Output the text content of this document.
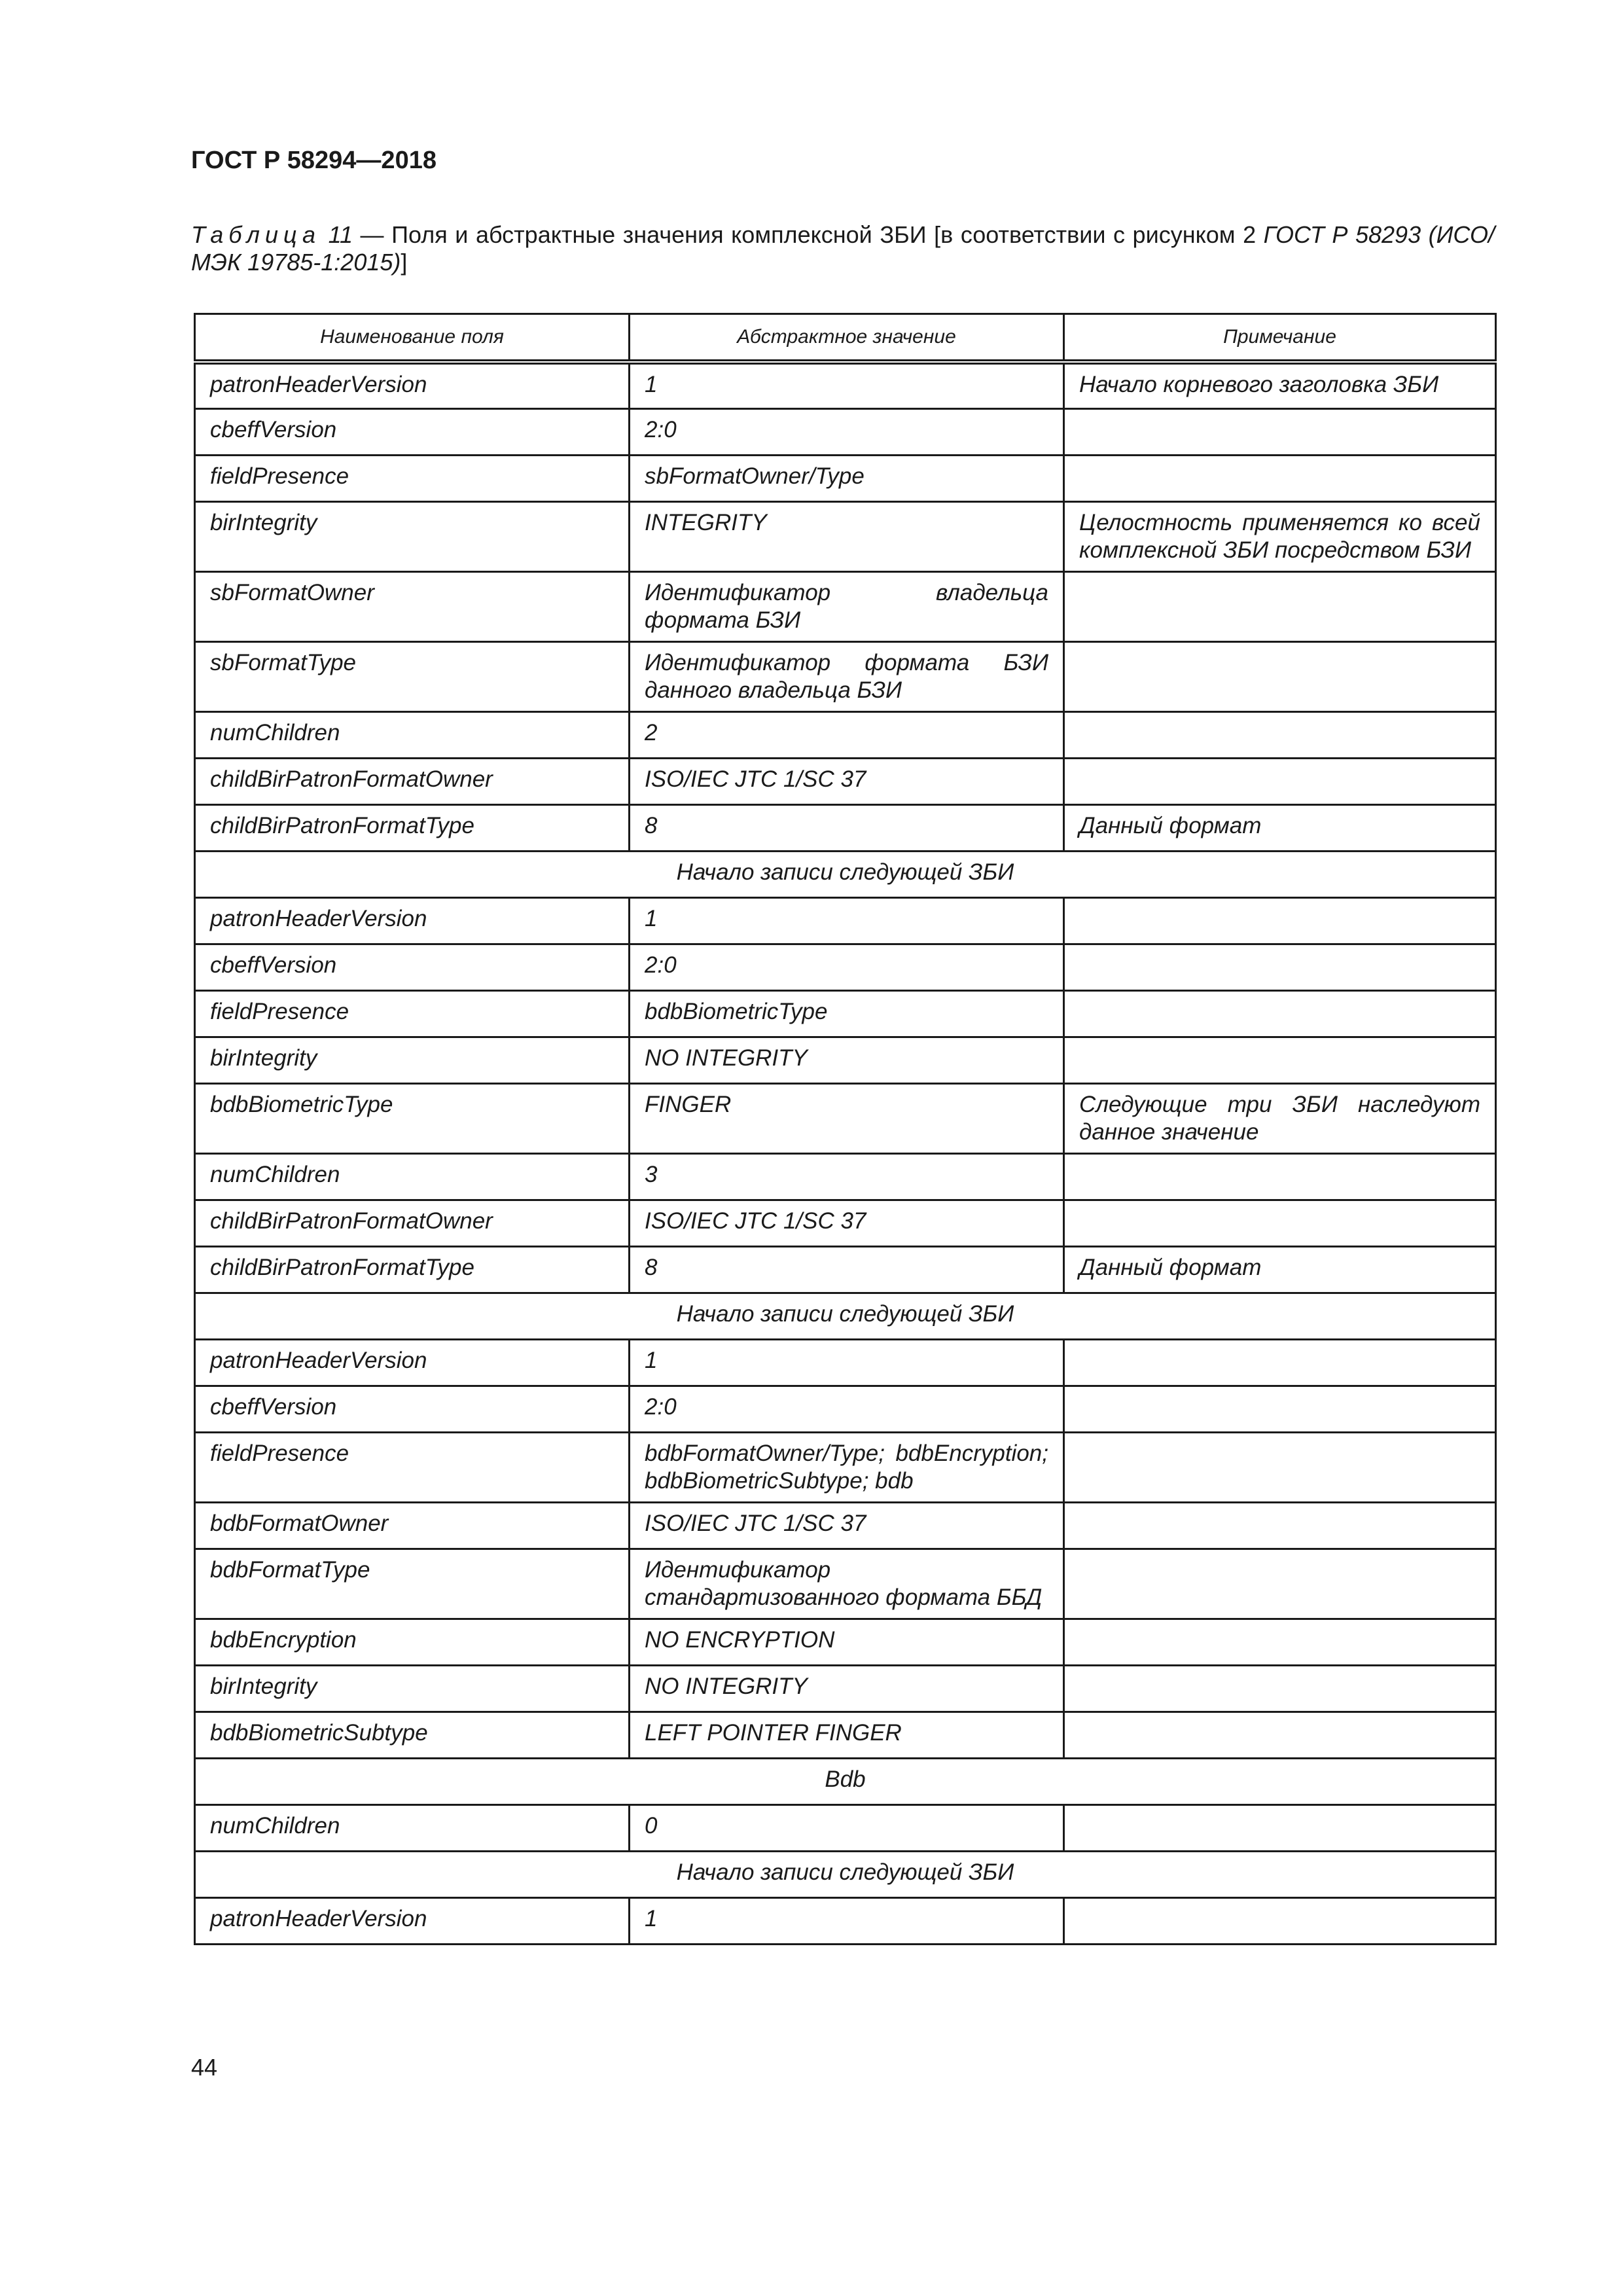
ГОСТ Р 58294—2018
Таблица 11 — Поля и абстрактные значения комплексной ЗБИ [в соответствии с рисунком 2 ГОСТ Р 58293 (ИСО/МЭК 19785-1:2015)]
Наименование поля	Абстрактное значение	Примечание
patronHeaderVersion	1	Начало корневого заголовка ЗБИ
cbeffVersion	2:0	
fieldPresence	sbFormatOwner/Type	
birIntegrity	INTEGRITY	Целостность применяется ко всей комплексной ЗБИ посредством БЗИ
sbFormatOwner	Идентификатор владельца формата БЗИ	
sbFormatType	Идентификатор формата БЗИ данного владельца БЗИ	
numChildren	2	
childBirPatronFormatOwner	ISO/IEC JTC 1/SC 37	
childBirPatronFormatType	8	Данный формат
Начало записи следующей ЗБИ		
patronHeaderVersion	1	
cbeffVersion	2:0	
fieldPresence	bdbBiometricType	
birIntegrity	NO INTEGRITY	
bdbBiometricType	FINGER	Следующие три ЗБИ наследуют данное значение
numChildren	3	
childBirPatronFormatOwner	ISO/IEC JTC 1/SC 37	
childBirPatronFormatType	8	Данный формат
Начало записи следующей ЗБИ		
patronHeaderVersion	1	
cbeffVersion	2:0	
fieldPresence	bdbFormatOwner/Type; bdbEncryption; bdbBiometricSubtype; bdb	
bdbFormatOwner	ISO/IEC JTC 1/SC 37	
bdbFormatType	Идентификатор стандартизованного формата ББД	
bdbEncryption	NO ENCRYPTION	
birIntegrity	NO INTEGRITY	
bdbBiometricSubtype	LEFT POINTER FINGER	
Bdb		
numChildren	0	
Начало записи следующей ЗБИ		
patronHeaderVersion	1	
44
